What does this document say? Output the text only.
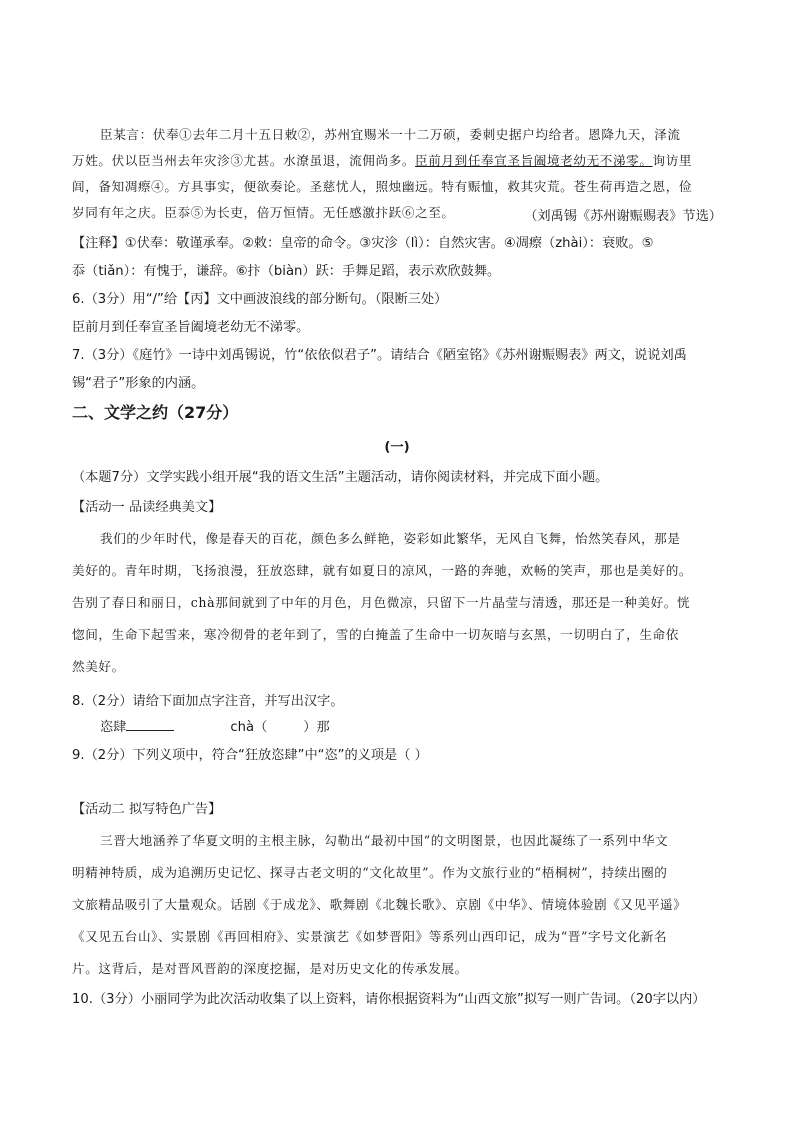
臣某言：伏奉①去年二月十五日敕②，苏州宜赐米一十二万硕，委刺史据户均给者。恩降九天，泽流
万姓。伏以臣当州去年灾沴③尤甚。水潦虽退，流佣尚多。臣前月到任奉宣圣旨阖境老幼无不涕零。询访里
闾，备知凋瘵④。方具事实，便欲奏论。圣慈忧人，照烛幽远。特有赈恤，救其灾荒。苍生荷再造之恩，俭
岁同有年之庆。臣忝⑤为长吏，倍万恒情。无任感激抃跃⑥之至。	（刘禹锡《苏州谢赈赐表》节选）
【注释】①伏奉：敬谨承奉。②敕：皇帝的命令。③灾沴（lì）：自然灾害。④凋瘵（zhài）：衰败。⑤
忝（tiǎn）：有愧于，谦辞。⑥抃（biàn）跃：手舞足蹈，表示欢欣鼓舞。
6.（3分）用“/”给【丙】文中画波浪线的部分断句。（限断三处）
臣前月到任奉宣圣旨阖境老幼无不涕零。
7.（3分）《庭竹》一诗中刘禹锡说，竹“依依似君子”。请结合《陋室铭》《苏州谢赈赐表》两文，说说刘禹
锡“君子”形象的内涵。
二、文学之约（27分）
(一)
（本题7分）文学实践小组开展“我的语文生活”主题活动，请你阅读材料，并完成下面小题。
【活动一 品读经典美文】
我们的少年时代，像是春天的百花，颜色多么鲜艳，姿彩如此繁华，无风自飞舞，怡然笑春风，那是
美好的。青年时期，飞扬浪漫，狂放恣肆，就有如夏日的凉风，一路的奔驰，欢畅的笑声，那也是美好的。
告别了春日和丽日，chà那间就到了中年的月色，月色微凉，只留下一片晶莹与清透，那还是一种美好。恍
惚间，生命下起雪来，寒冷彻骨的老年到了，雪的白掩盖了生命中一切灰暗与玄黑，一切明白了，生命依
然美好。
8.（2分）请给下面加点字注音，并写出汉字。
恣肆	chà（	）那
9.（2分）下列义项中，符合“狂放恣肆”中“恣”的义项是（ ）
【活动二 拟写特色广告】
三晋大地涵养了华夏文明的主根主脉，勾勒出“最初中国”的文明图景，也因此凝练了一系列中华文
明精神特质，成为追溯历史记忆、探寻古老文明的“文化故里”。作为文旅行业的“梧桐树”，持续出圈的
文旅精品吸引了大量观众。话剧《于成龙》、歌舞剧《北魏长歌》、京剧《中华》、情境体验剧《又见平遥》
《又见五台山》、实景剧《再回相府》、实景演艺《如梦晋阳》等系列山西印记，成为“晋”字号文化新名
片。这背后，是对晋风晋韵的深度挖掘，是对历史文化的传承发展。
10.（3分）小丽同学为此次活动收集了以上资料，请你根据资料为“山西文旅”拟写一则广告词。（20字以内）
